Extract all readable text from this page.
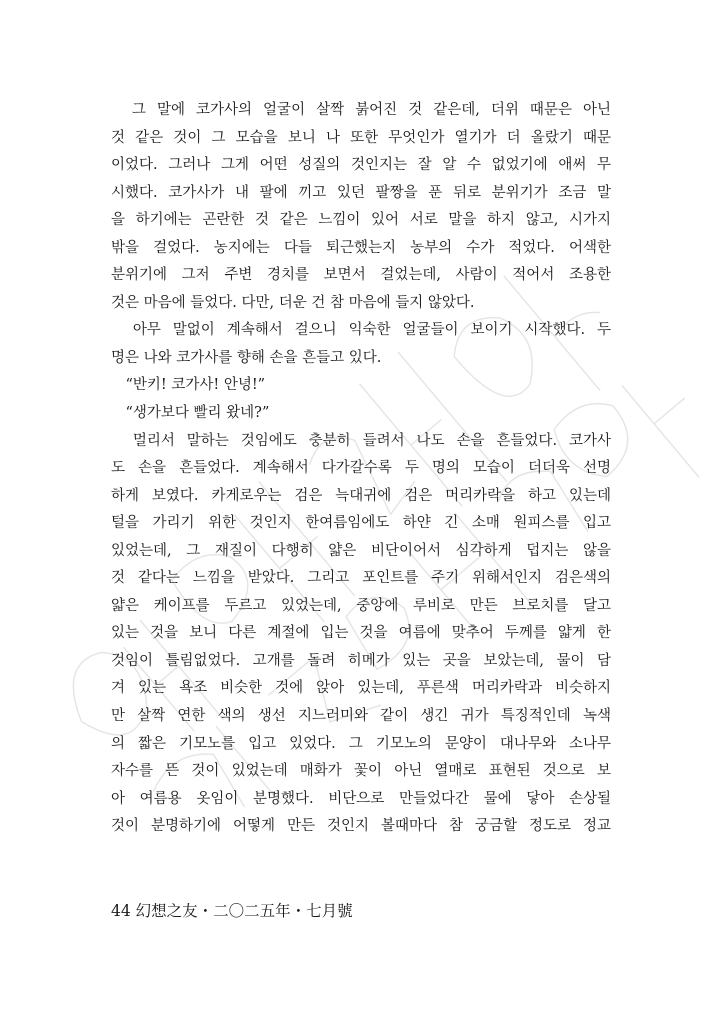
　그 말에 코가사의 얼굴이 살짝 붉어진 것 같은데, 더위 때문은 아닌
것 같은 것이 그 모습을 보니 나 또한 무엇인가 열기가 더 올랐기 때문
이었다. 그러나 그게 어떤 성질의 것인지는 잘 알 수 없었기에 애써 무
시했다. 코가사가 내 팔에 끼고 있던 팔짱을 푼 뒤로 분위기가 조금 말
을 하기에는 곤란한 것 같은 느낌이 있어 서로 말을 하지 않고, 시가지
밖을 걸었다. 농지에는 다들 퇴근했는지 농부의 수가 적었다. 어색한
분위기에 그저 주변 경치를 보면서 걸었는데, 사람이 적어서 조용한
것은 마음에 들었다. 다만, 더운 건 참 마음에 들지 않았다.
　아무 말없이 계속해서 걸으니 익숙한 얼굴들이 보이기 시작했다. 두
명은 나와 코가사를 향해 손을 흔들고 있다.
　“반키! 코가사! 안녕!”
　“생가보다 빨리 왔네?”
　멀리서 말하는 것임에도 충분히 들려서 나도 손을 흔들었다. 코가사
도 손을 흔들었다. 계속해서 다가갈수록 두 명의 모습이 더더욱 선명
하게 보였다. 카게로우는 검은 늑대귀에 검은 머리카락을 하고 있는데
털을 가리기 위한 것인지 한여름임에도 하얀 긴 소매 원피스를 입고
있었는데, 그 재질이 다행히 얇은 비단이어서 심각하게 덥지는 않을
것 같다는 느낌을 받았다. 그리고 포인트를 주기 위해서인지 검은색의
얇은 케이프를 두르고 있었는데, 중앙에 루비로 만든 브로치를 달고
있는 것을 보니 다른 계절에 입는 것을 여름에 맞추어 두께를 얇게 한
것임이 틀림없었다. 고개를 돌려 히메가 있는 곳을 보았는데, 물이 담
겨 있는 욕조 비슷한 것에 앉아 있는데, 푸른색 머리카락과 비슷하지
만 살짝 연한 색의 생선 지느러미와 같이 생긴 귀가 특징적인데 녹색
의 짧은 기모노를 입고 있었다. 그 기모노의 문양이 대나무와 소나무
자수를 뜬 것이 있었는데 매화가 꽃이 아닌 열매로 표현된 것으로 보
아 여름용 옷임이 분명했다. 비단으로 만들었다간 물에 닿아 손상될
것이 분명하기에 어떻게 만든 것인지 볼때마다 참 궁금할 정도로 정교
44 幻想之友・二〇二五年・七月號
